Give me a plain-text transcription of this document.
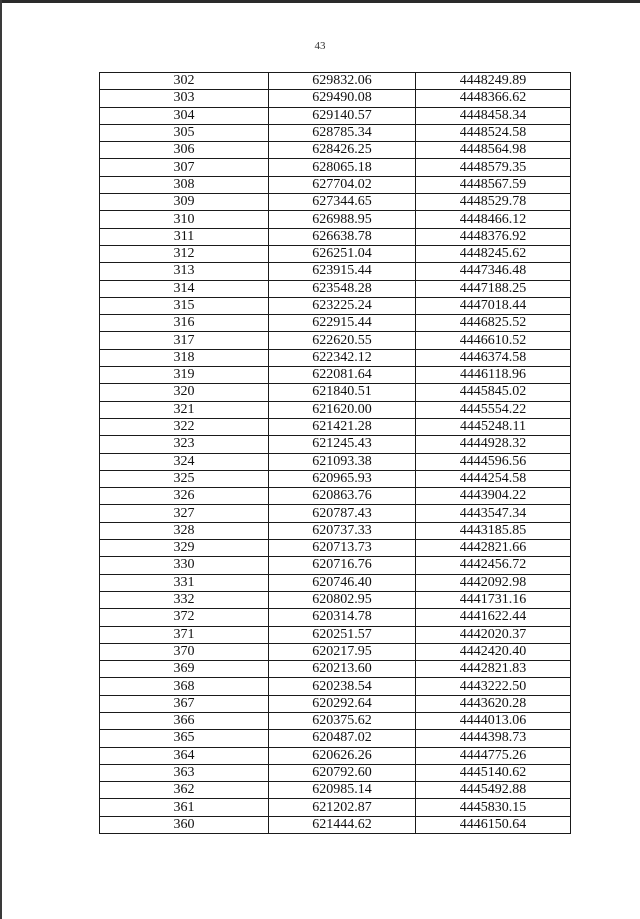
43
302	629832.06	4448249.89
303	629490.08	4448366.62
304	629140.57	4448458.34
305	628785.34	4448524.58
306	628426.25	4448564.98
307	628065.18	4448579.35
308	627704.02	4448567.59
309	627344.65	4448529.78
310	626988.95	4448466.12
311	626638.78	4448376.92
312	626251.04	4448245.62
313	623915.44	4447346.48
314	623548.28	4447188.25
315	623225.24	4447018.44
316	622915.44	4446825.52
317	622620.55	4446610.52
318	622342.12	4446374.58
319	622081.64	4446118.96
320	621840.51	4445845.02
321	621620.00	4445554.22
322	621421.28	4445248.11
323	621245.43	4444928.32
324	621093.38	4444596.56
325	620965.93	4444254.58
326	620863.76	4443904.22
327	620787.43	4443547.34
328	620737.33	4443185.85
329	620713.73	4442821.66
330	620716.76	4442456.72
331	620746.40	4442092.98
332	620802.95	4441731.16
372	620314.78	4441622.44
371	620251.57	4442020.37
370	620217.95	4442420.40
369	620213.60	4442821.83
368	620238.54	4443222.50
367	620292.64	4443620.28
366	620375.62	4444013.06
365	620487.02	4444398.73
364	620626.26	4444775.26
363	620792.60	4445140.62
362	620985.14	4445492.88
361	621202.87	4445830.15
360	621444.62	4446150.64
